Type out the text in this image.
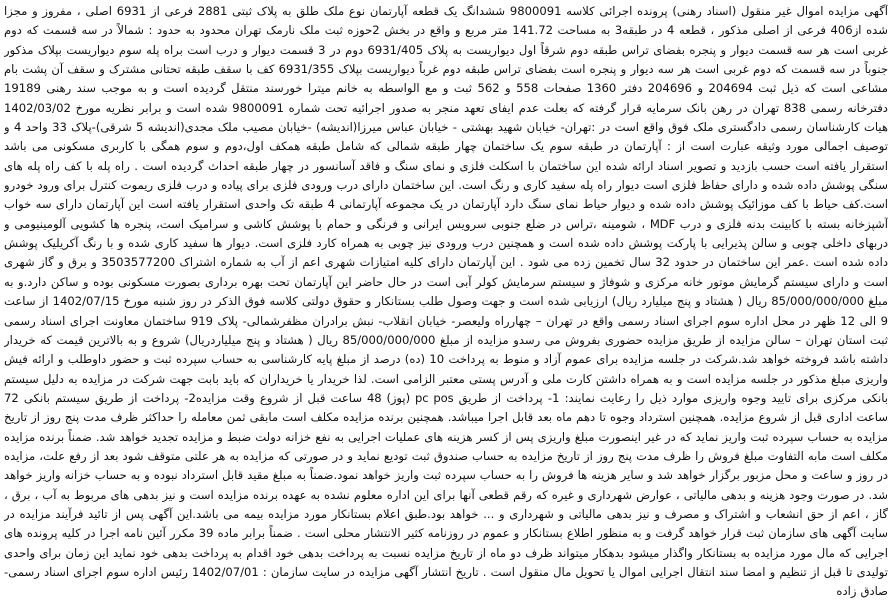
آگهی مزایده اموال غیر منقول (اسناد رهنی) پرونده اجرائی کلاسه 9800091 ششدانگ یک قطعه آپارتمان نوع ملک طلق به پلاک ثبتی 2881 فرعی از 6931 اصلی ، مفروز و مجزا شده از406 فرعی از اصلی مذکور ، قطعه 4 در طبقه3 به مساحت 141.72 متر مربع و واقع در بخش 2حوزه ثبت ملک نارمک تهران محدود به حدود : شمالاً در سه قسمت که دوم غربی است هر سه قسمت دیوار و پنجره بفضای تراس طبقه دوم شرقاً اول دیواریست به پلاک 6931/405 دوم در 3 قسمت دیوار و درب است براه پله سوم دیواریست بپلاک مذکور جنوباً در سه قسمت که دوم غربی است هر سه دیوار و پنجره است بفضای تراس طبقه دوم غرباً دیواریست بپلاک 6931/355 کف با سقف طبقه تحتانی مشترک و سقف آن پشت بام مشاعی است که ذیل ثبت 204694 و 204696 دفتر 1360 صفحات 558 و 562 ثبت و مع الواسطه به خانم میترا خورسند منتقل گردیده است و به موجب سند رهنی 19189 دفترخانه رسمی 838 تهران در رهن بانک سرمایه قرار گرفته که بعلت عدم ایفای تعهد منجر به صدور اجرائیه تحت شماره 9800091 شده است و برابر نظریه مورخ 1402/03/02 هیات کارشناسان رسمی دادگستری ملک فوق واقع است در :تهران- خیابان شهید بهشتی - خیابان عباس میرزا(اندیشه) -خیابان مصیب ملک مجدی(اندیشه 5 شرقی)-پلاک 33 واحد 4 و توصیف اجمالی مورد وثیقه عبارت است از : آپارتمان در طبقه سوم یک ساختمان چهار طبقه شمالی که شامل طبقه همکف اول،دوم و سوم همگی با کاربری مسکونی می باشد استقرار یافته است حسب بازدید و تصویر اسناد ارائه شده این ساختمان با اسکلت فلزی و نمای سنگ و فاقد آسانسور در چهار طبقه احداث گردیده است . راه پله با کف راه پله های سنگی پوشش داده شده و دارای حفاظ فلزی است دیوار راه پله سفید کاری و رنگ است. این ساختمان دارای درب ورودی فلزی برای پیاده و درب فلزی ریموت کنترل برای ورود خودرو است.کف حیاط با کف موزائیک پوشش داده شده و دیوار حیاط نمای سنگ دارد آپارتمان در یک مجموعه آپارتمانی 4 طبقه تک واحدی استقرار یافته است این آپارتمان دارای سه خواب آشپزخانه بسته با کابینت بدنه فلزی و درب MDF ، شومینه ،تراس در ضلع جنوبی سرویس ایرانی و فرنگی و حمام با پوشش کاشی و سرامیک است، پنجره ها کشویی آلومینیومی و دربهای داخلی چوبی و سالن پذیرایی با پارکت پوشش داده شده است و همچنین درب ورودی نیز چوبی به همراه کارد فلزی است. دیوار ها سفید کاری شده و با رنگ آکریلیک پوشش داده شده است .عمر این ساختمان در حدود 32 سال تخمین زده می شود . این آپارتمان دارای کلیه امتیازات شهری اعم از آب به شماره اشتراک 3503577200 و برق و گاز شهری است و دارای سیستم گرمایش موتور خانه مرکزی و شوفاژ و سیستم سرمایش کولر آبی است در حال حاضر این آپارتمان تحت بهره برداری بصورت مسکونی بوده و ساکن دارد.و به مبلغ 85/000/000/000 ریال ( هشتاد و پنج میلیارد ریال) ارزیابی شده است و جهت وصول طلب بستانکار و حقوق دولتی کلاسه فوق الذکر در روز شنبه مورخ 1402/07/15 از ساعت 9 الی 12 ظهر در محل اداره سوم اجرای اسناد رسمی واقع در تهران – چهارراه ولیعصر- خیابان انقلاب- نبش برادران مظفرشمالی- پلاک 919 ساختمان معاونت اجرای اسناد رسمی ثبت استان تهران – سالن مزایده از طریق مزایده حضوری بفروش می رسدو مزایده از مبلغ 85/000/000/000 ریال ( هشتاد و پنج میلیاردریال) شروع و به بالاترین قیمت که خریدار داشته باشد فروخته خواهد شد.شرکت در جلسه مزایده برای عموم آزاد و منوط به پرداخت 10 (ده) درصد از مبلغ پایه کارشناسی به حساب سپرده ثبت و حضور داوطلب و ارائه فیش واریزی مبلغ مذکور در جلسه مزایده است و به همراه داشتن کارت ملی و آدرس پستی معتبر الزامی است. لذا خریدار یا خریداران که باید بابت جهت شرکت در مزایده به دلیل سیستم بانکی مرکزی برای تایید وجوه واریزی موارد ذیل را رعایت نمایند: 1- پرداخت از طریق pc pos (پوز) 48 ساعت قبل از شروع وقت مزایده2- پرداخت از طریق سیستم بانکی 72 ساعت اداری قبل از شروع مزایده. همچنین استرداد وجوه تا دهم ماه بعد قابل اجرا میباشد. همچنین برنده مزایده مکلف است مابقی ثمن معامله را حداکثر ظرف مدت پنج روز از تاریخ مزایده به حساب سپرده ثبت واریز نماید که در غیر اینصورت مبلغ واریزی پس از کسر هزینه های عملیات اجرایی به نفع خزانه دولت ضبط و مزایده تجدید خواهد شد. ضمناً برنده مزایده مکلف است مابه التفاوت مبلغ فروش را ظرف مدت پنج روز از تاریخ مزایده به حساب صندوق ثبت تودیع نماید و در صورتی که مزایده به هر علتی متوقف شود بعد از رفع علت، مزایده در روز و ساعت و محل مزبور برگزار خواهد شد و سایر هزینه ها فروش را به حساب سپرده ثبت واریز خواهد نمود.ضمناً به مبلغ مقید قابل استرداد نبوده و به حساب خزانه واریز خواهد شد. در صورت وجود هزینه و بدهی مالیاتی ، عوارض شهرداری و غیره که رقم قطعی آنها برای این اداره معلوم نشده به عهده برنده مزایده است و نیز بدهی های مربوط به آب ، برق ، گاز ، اعم از حق انشعاب و اشتراک و مصرف و نیز بدهی مالیاتی و شهرداری و ... خواهد بود.طبق اعلام بستانکار مورد مزایده بیمه می باشد.این آگهی پس از تائید فرآیند مزایده در سایت آگهی های سازمان ثبت قرار خواهد گرفت و به منظور اطلاع بستانکار و عموم در روزنامه کثیر الانتشار محلی است . ضمناً برابر ماده 39 مکرر آئین نامه اجرا در کلیه پرونده های اجرایی که مال مورد مزایده به بستانکار واگذار میشود بدهکار میتواند ظرف دو ماه از تاریخ مزایده نسبت به پرداخت بدهی خود اقدام به پرداخت بدهی خود نماید این زمان برای واحدی تولیدی تا قبل از تنظیم و امضا سند انتقال اجرایی اموال یا تحویل مال منقول است . تاریخ انتشار آگهی مزایده در سایت سازمان : 1402/07/01 رئیس اداره سوم اجرای اسناد رسمی- صادق زاده
